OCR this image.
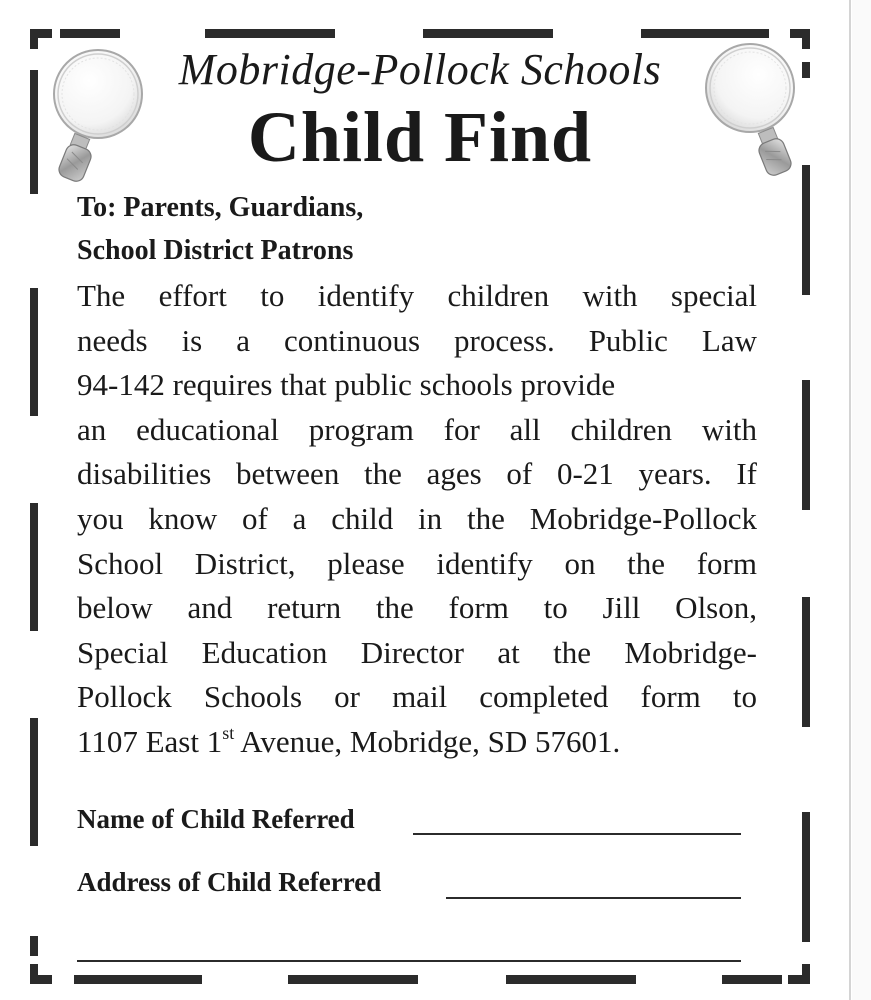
Mobridge-Pollock Schools
Child Find
To: Parents, Guardians,
School District Patrons
The effort to identify children with special
needs is a continuous process. Public Law
94-142 requires that public schools provide
an educational program for all children with
disabilities between the ages of 0-21 years. If
you know of a child in the Mobridge-Pollock
School District, please identify on the form
below and return the form to Jill Olson,
Special Education Director at the Mobridge-
Pollock Schools or mail completed form to
1107 East 1st Avenue, Mobridge, SD 57601.
Name of Child Referred
Address of Child Referred
